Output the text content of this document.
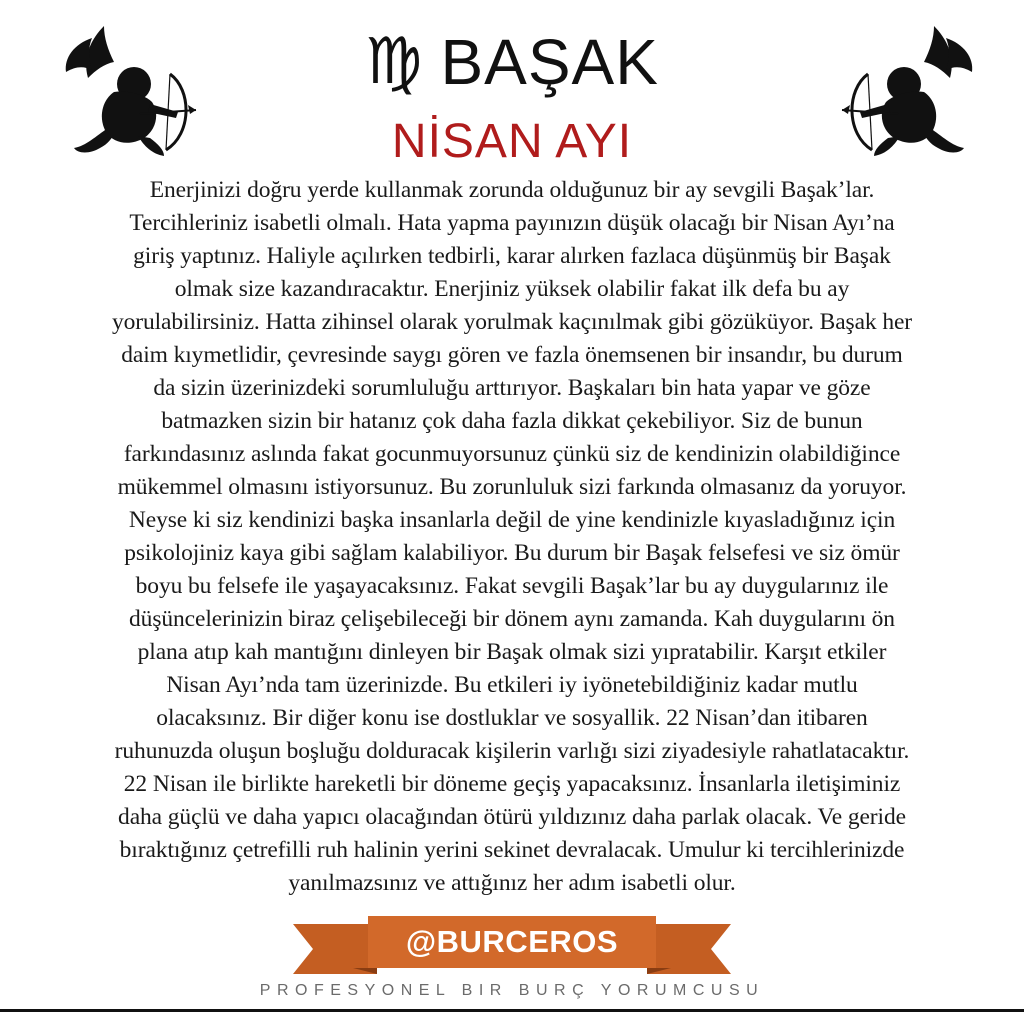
♍ BAŞAK
NİSAN AYI
Enerjinizi doğru yerde kullanmak zorunda olduğunuz bir ay sevgili Başak’lar.
Tercihleriniz isabetli olmalı. Hata yapma payınızın düşük olacağı bir Nisan Ayı’na
giriş yaptınız. Haliyle açılırken tedbirli, karar alırken fazlaca düşünmüş bir Başak
olmak size kazandıracaktır. Enerjiniz yüksek olabilir fakat ilk defa bu ay
yorulabilirsiniz. Hatta zihinsel olarak yorulmak kaçınılmak gibi gözüküyor. Başak her
daim kıymetlidir, çevresinde saygı gören ve fazla önemsenen bir insandır, bu durum
da sizin üzerinizdeki sorumluluğu arttırıyor. Başkaları bin hata yapar ve göze
batmazken sizin bir hatanız çok daha fazla dikkat çekebiliyor. Siz de bunun
farkındasınız aslında fakat gocunmuyorsunuz çünkü siz de kendinizin olabildiğince
mükemmel olmasını istiyorsunuz. Bu zorunluluk sizi farkında olmasanız da yoruyor.
Neyse ki siz kendinizi başka insanlarla değil de yine kendinizle kıyasladığınız için
psikolojiniz kaya gibi sağlam kalabiliyor. Bu durum bir Başak felsefesi ve siz ömür
boyu bu felsefe ile yaşayacaksınız. Fakat sevgili Başak’lar bu ay duygularınız ile
düşüncelerinizin biraz çelişebileceği bir dönem aynı zamanda. Kah duygularını ön
plana atıp kah mantığını dinleyen bir Başak olmak sizi yıpratabilir. Karşıt etkiler
Nisan Ayı’nda tam üzerinizde. Bu etkileri iy iyönetebildiğiniz kadar mutlu
olacaksınız. Bir diğer konu ise dostluklar ve sosyallik. 22 Nisan’dan itibaren
ruhunuzda oluşun boşluğu dolduracak kişilerin varlığı sizi ziyadesiyle rahatlatacaktır.
22 Nisan ile birlikte hareketli bir döneme geçiş yapacaksınız. İnsanlarla iletişiminiz
daha güçlü ve daha yapıcı olacağından ötürü yıldızınız daha parlak olacak. Ve geride
bıraktığınız çetrefilli ruh halinin yerini sekinet devralacak. Umulur ki tercihlerinizde
yanılmazsınız ve attığınız her adım isabetli olur.
@BURCEROS
PROFESYONEL BIR BURÇ YORUMCUSU
